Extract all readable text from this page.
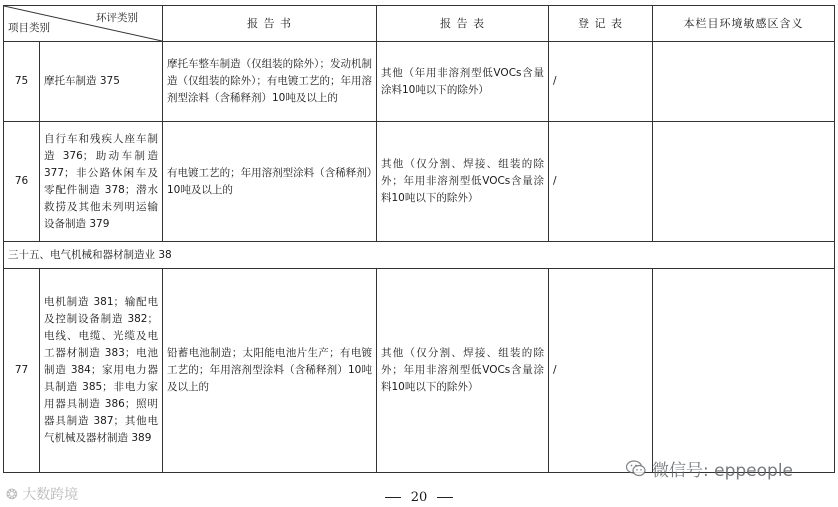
环评类别
项目类别		报 告 书	报 告 表	登 记 表	本栏目环境敏感区含义
75	摩托车制造 375	摩托车整车制造（仅组装的除外）；发动机制造（仅组装的除外）；有电镀工艺的；年用溶剂型涂料（含稀释剂）10吨及以上的	其他（年用非溶剂型低VOCs含量涂料10吨以下的除外）	/	
76	自行车和残疾人座车制造 376；助动车制造 377；非公路休闲车及零配件制造 378；潜水救捞及其他未列明运输设备制造 379	有电镀工艺的；年用溶剂型涂料（含稀释剂）10吨及以上的	其他（仅分割、焊接、组装的除外；年用非溶剂型低VOCs含量涂料10吨以下的除外）	/	
三十五、电气机械和器材制造业 38					
77	电机制造 381；输配电及控制设备制造 382；电线、电缆、光缆及电工器材制造 383；电池制造 384；家用电力器具制造 385；非电力家用器具制造 386；照明器具制造 387；其他电气机械及器材制造 389	铅蓄电池制造；太阳能电池片生产；有电镀工艺的；年用溶剂型涂料（含稀释剂）10吨及以上的	其他（仅分割、焊接、组装的除外；年用非溶剂型低VOCs含量涂料10吨以下的除外）	/	
微信号: eppeople
20
❂ 大数跨境
